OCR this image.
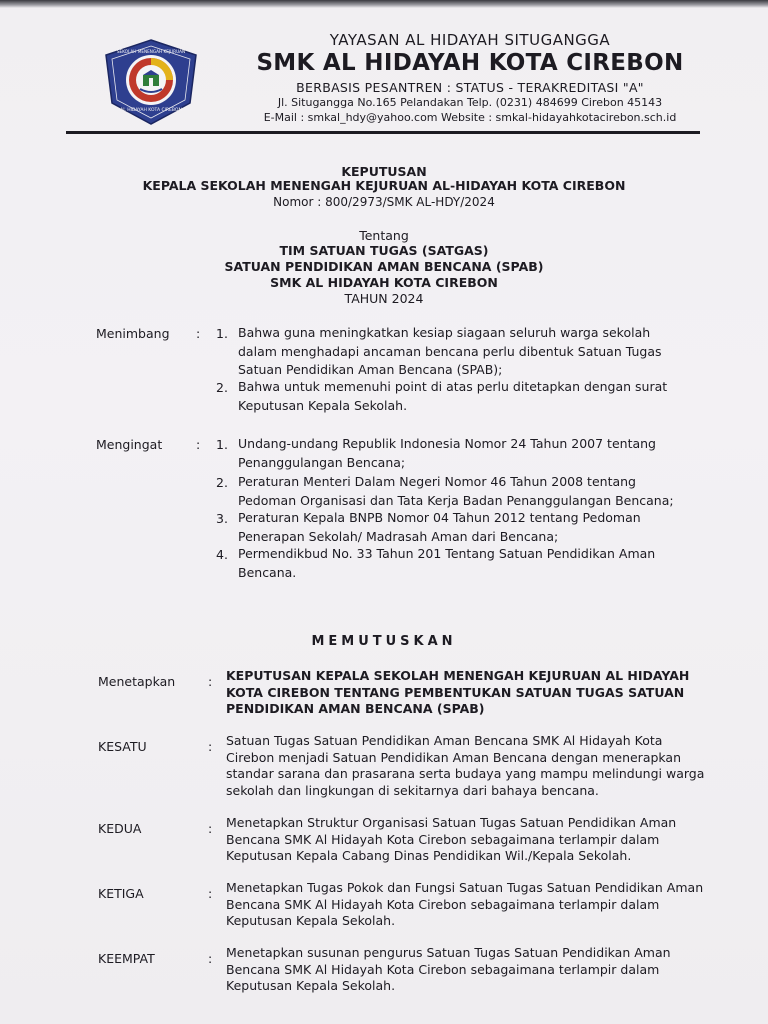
AL HIDAYAH KOTA CIREBON
SEKOLAH MENENGAH KEJURUAN
YAYASAN AL HIDAYAH SITUGANGGA
SMK AL HIDAYAH KOTA CIREBON
BERBASIS PESANTREN : STATUS - TERAKREDITASI "A"
Jl. Situgangga No.165 Pelandakan Telp. (0231) 484699 Cirebon 45143
E-Mail : smkal_hdy@yahoo.com Website : smkal-hidayahkotacirebon.sch.id
KEPUTUSAN
KEPALA SEKOLAH MENENGAH KEJURUAN AL-HIDAYAH KOTA CIREBON
Nomor : 800/2973/SMK AL-HDY/2024
Tentang
TIM SATUAN TUGAS (SATGAS)
SATUAN PENDIDIKAN AMAN BENCANA (SPAB)
SMK AL HIDAYAH KOTA CIREBON
TAHUN 2024
Menimbang : 1. Bahwa guna meningkatkan kesiap siagaan seluruh warga sekolah
dalam menghadapi ancaman bencana perlu dibentuk Satuan Tugas
Satuan Pendidikan Aman Bencana (SPAB);
2. Bahwa untuk memenuhi point di atas perlu ditetapkan dengan surat
Keputusan Kepala Sekolah.
Mengingat	: 1. Undang-undang Republik Indonesia Nomor 24 Tahun 2007 tentang
Penanggulangan Bencana;
2. Peraturan Menteri Dalam Negeri Nomor 46 Tahun 2008 tentang
Pedoman Organisasi dan Tata Kerja Badan Penanggulangan Bencana;
3. Peraturan Kepala BNPB Nomor 04 Tahun 2012 tentang Pedoman
Penerapan Sekolah/ Madrasah Aman dari Bencana;
4. Permendikbud No. 33 Tahun 201 Tentang Satuan Pendidikan Aman
Bencana.
MEMUTUSKAN
Menetapkan	: KEPUTUSAN KEPALA SEKOLAH MENENGAH KEJURUAN AL HIDAYAH
KOTA CIREBON TENTANG PEMBENTUKAN SATUAN TUGAS SATUAN
PENDIDIKAN AMAN BENCANA (SPAB)
KESATU	: Satuan Tugas Satuan Pendidikan Aman Bencana SMK Al Hidayah Kota
Cirebon menjadi Satuan Pendidikan Aman Bencana dengan menerapkan
standar sarana dan prasarana serta budaya yang mampu melindungi warga
sekolah dan lingkungan di sekitarnya dari bahaya bencana.
KEDUA	: Menetapkan Struktur Organisasi Satuan Tugas Satuan Pendidikan Aman
Bencana SMK Al Hidayah Kota Cirebon sebagaimana terlampir dalam
Keputusan Kepala Cabang Dinas Pendidikan Wil./Kepala Sekolah.
KETIGA	: Menetapkan Tugas Pokok dan Fungsi Satuan Tugas Satuan Pendidikan Aman
Bencana SMK Al Hidayah Kota Cirebon sebagaimana terlampir dalam
Keputusan Kepala Sekolah.
KEEMPAT	: Menetapkan susunan pengurus Satuan Tugas Satuan Pendidikan Aman
Bencana SMK Al Hidayah Kota Cirebon sebagaimana terlampir dalam
Keputusan Kepala Sekolah.
